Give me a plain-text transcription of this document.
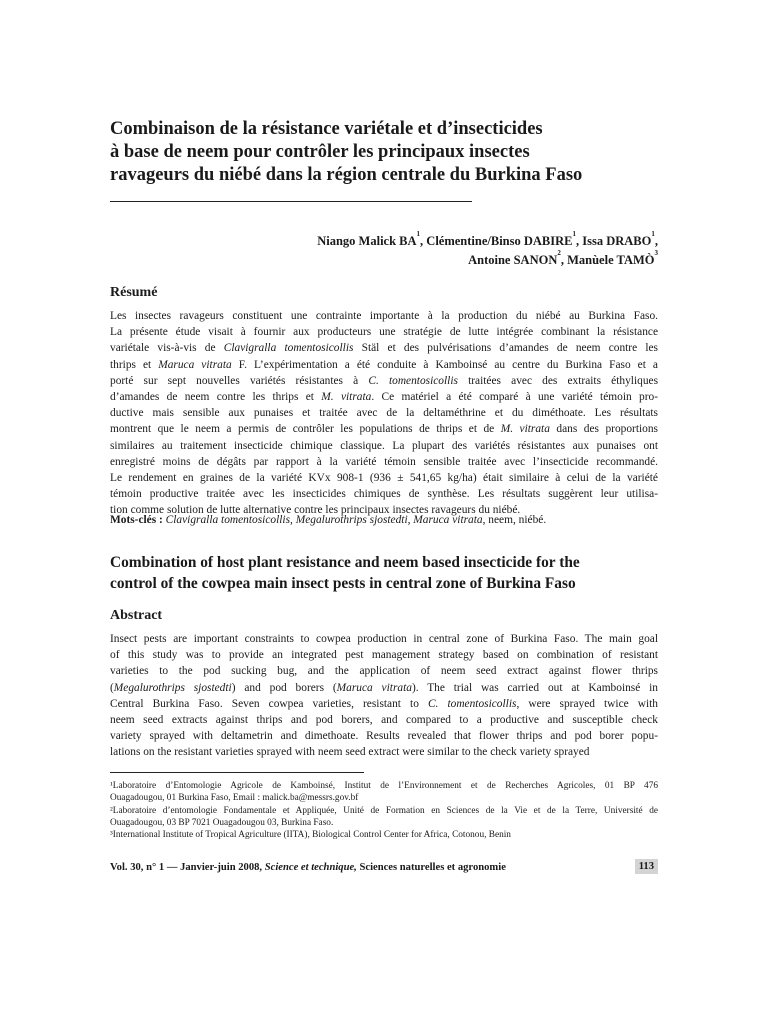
Combinaison de la résistance variétale et d’insecticides
à base de neem pour contrôler les principaux insectes
ravageurs du niébé dans la région centrale du Burkina Faso
Niango Malick $BA^1$, Clémentine/Binso DABIRE$^1$, Issa DRABO$^1$,
Antoine SANON$^2$, Manùele TAMÒ$^3$
Résumé
Les insectes ravageurs constituent une contrainte importante à la production du niébé au Burkina Faso.
La présente étude visait à fournir aux producteurs une stratégie de lutte intégrée combinant la résistance
variétale vis-à-vis de Clavigralla tomentosicollis Stäl et des pulvérisations d’amandes de neem contre les
thrips et Maruca vitrata F. L’expérimentation a été conduite à Kamboinsé au centre du Burkina Faso et a
porté sur sept nouvelles variétés résistantes à C. tomentosicollis traitées avec des extraits éthyliques
d’amandes de neem contre les thrips et M. vitrata. Ce matériel a été comparé à une variété témoin pro-
ductive mais sensible aux punaises et traitée avec de la deltaméthrine et du diméthoate. Les résultats
montrent que le neem a permis de contrôler les populations de thrips et de M. vitrata dans des proportions
similaires au traitement insecticide chimique classique. La plupart des variétés résistantes aux punaises ont
enregistré moins de dégâts par rapport à la variété témoin sensible traitée avec l’insecticide recommandé.
Le rendement en graines de la variété KVx 908-1 (936 ± 541,65 kg/ha) était similaire à celui de la variété
témoin productive traitée avec les insecticides chimiques de synthèse. Les résultats suggèrent leur utilisa-
tion comme solution de lutte alternative contre les principaux insectes ravageurs du niébé.
Mots-clés : Clavigralla tomentosicollis, Megalurothrips sjostedti, Maruca vitrata, neem, niébé.
Combination of host plant resistance and neem based insecticide for the
control of the cowpea main insect pests in central zone of Burkina Faso
Abstract
Insect pests are important constraints to cowpea production in central zone of Burkina Faso. The main goal
of this study was to provide an integrated pest management strategy based on combination of resistant
varieties to the pod sucking bug, and the application of neem seed extract against flower thrips
(Megalurothrips sjostedti) and pod borers (Maruca vitrata). The trial was carried out at Kamboinsé in
Central Burkina Faso. Seven cowpea varieties, resistant to C. tomentosicollis, were sprayed twice with
neem seed extracts against thrips and pod borers, and compared to a productive and susceptible check
variety sprayed with deltametrin and dimethoate. Results revealed that flower thrips and pod borer popu-
lations on the resistant varieties sprayed with neem seed extract were similar to the check variety sprayed
¹Laboratoire d’Entomologie Agricole de Kamboinsé, Institut de l’Environnement et de Recherches Agricoles, 01 BP 476
Ouagadougou, 01 Burkina Faso, Email : malick.ba@messrs.gov.bf
²Laboratoire d’entomologie Fondamentale et Appliquée, Unité de Formation en Sciences de la Vie et de la Terre, Université de
Ouagadougou, 03 BP 7021 Ouagadougou 03, Burkina Faso.
³International Institute of Tropical Agriculture (IITA), Biological Control Center for Africa, Cotonou, Benin
Vol. 30, n° 1 — Janvier-juin 2008, Science et technique, Sciences naturelles et agronomie	113
